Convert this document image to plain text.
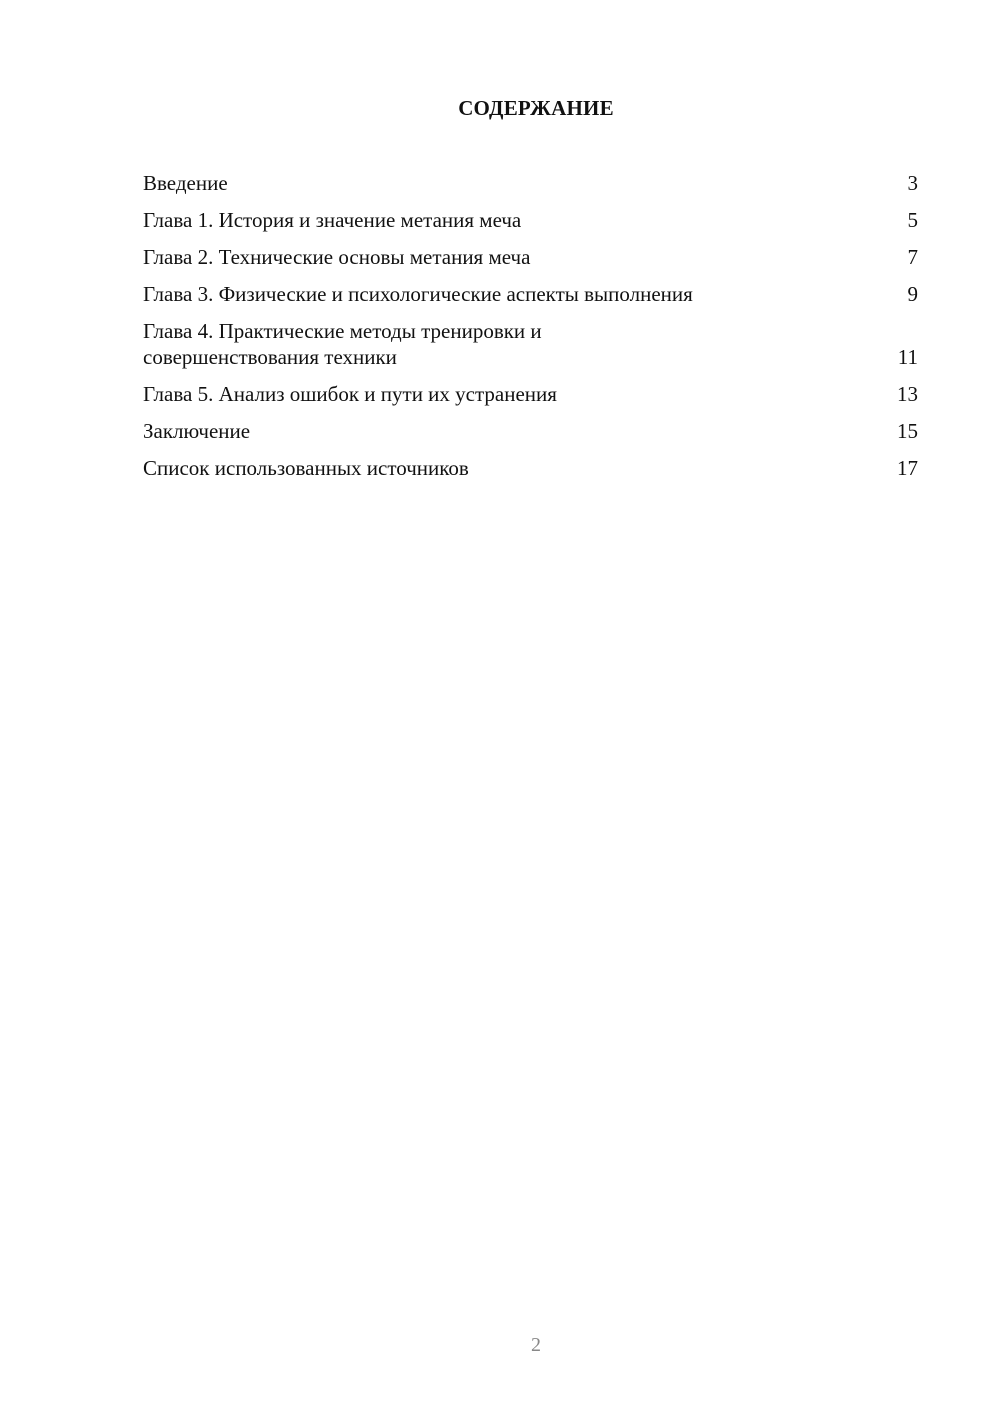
СОДЕРЖАНИЕ
Введение	3
Глава 1. История и значение метания меча	5
Глава 2. Технические основы метания меча	7
Глава 3. Физические и психологические аспекты выполнения	9
Глава 4. Практические методы тренировки и совершенствования техники	11
Глава 5. Анализ ошибок и пути их устранения	13
Заключение	15
Список использованных источников	17
2
